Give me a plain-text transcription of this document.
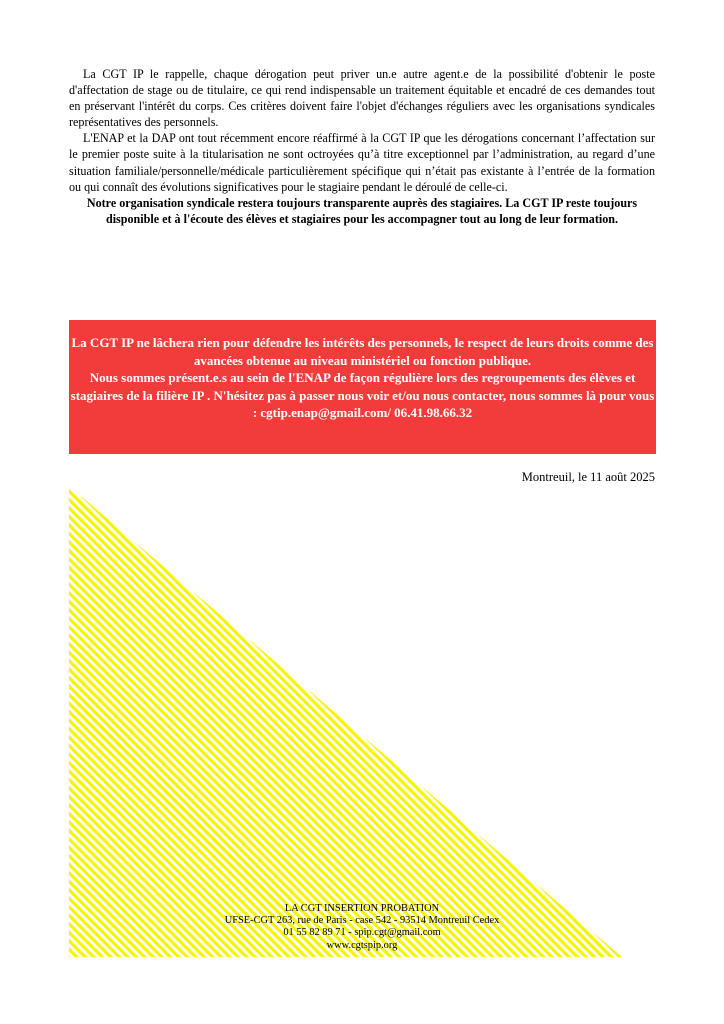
La CGT IP le rappelle, chaque dérogation peut priver un.e autre agent.e de la possibilité d'obtenir le poste d'affectation de stage ou de titulaire, ce qui rend indispensable un traitement équitable et encadré de ces demandes tout en préservant l'intérêt du corps. Ces critères doivent faire l'objet d'échanges réguliers avec les organisations syndicales représentatives des personnels.

L'ENAP et la DAP ont tout récemment encore réaffirmé à la CGT IP que les dérogations concernant l’affectation sur le premier poste suite à la titularisation ne sont octroyées qu’à titre exceptionnel par l’administration, au regard d’une situation familiale/personnelle/médicale particulièrement spécifique qui n’était pas existante à l’entrée de la formation ou qui connaît des évolutions significatives pour le stagiaire pendant le déroulé de celle-ci.

Notre organisation syndicale restera toujours transparente auprès des stagiaires. La CGT IP reste toujours disponible et à l'écoute des élèves et stagiaires pour les accompagner tout au long de leur formation.

La CGT IP ne lâchera rien pour défendre les intérêts des personnels, le respect de leurs droits comme des avancées obtenue au niveau ministériel ou fonction publique.

Nous sommes présent.e.s au sein de l'ENAP de façon régulière lors des regroupements des élèves et stagiaires de la filière IP . N'hésitez pas à passer nous voir et/ou nous contacter, nous sommes là pour vous : cgtip.enap@gmail.com/ 06.41.98.66.32

Montreuil, le 11 août 2025
LA CGT INSERTION PROBATION
UFSE-CGT 263, rue de Paris - case 542 - 93514 Montreuil Cedex
01 55 82 89 71 - spip.cgt@gmail.com
www.cgtspip.org
